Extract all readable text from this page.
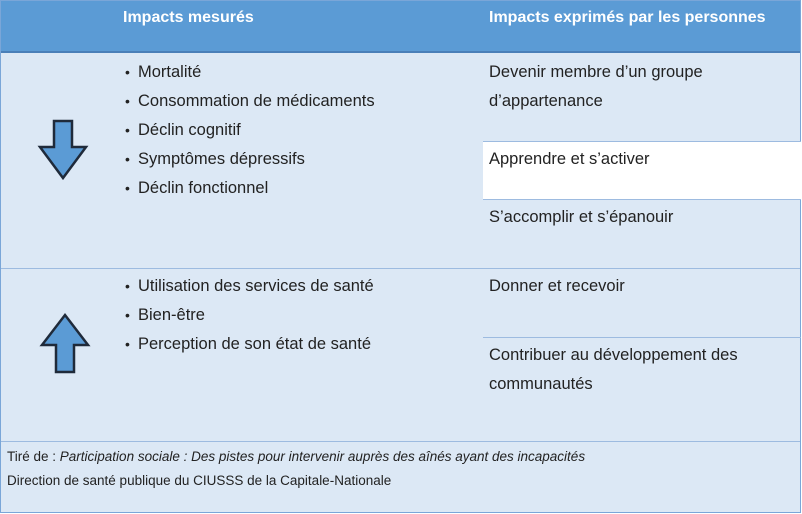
Impacts mesurés	Impacts exprimés par les personnes
• Mortalité
• Consommation de médicaments
• Déclin cognitif
• Symptômes dépressifs
• Déclin fonctionnel
Devenir membre d’un groupe d’appartenance
Apprendre et s’activer
S’accomplir et s’épanouir
• Utilisation des services de santé
• Bien-être
• Perception de son état de santé
Donner et recevoir
Contribuer au développement des communautés
Tiré de : Participation sociale : Des pistes pour intervenir auprès des aînés ayant des incapacités
Direction de santé publique du CIUSSS de la Capitale-Nationale
